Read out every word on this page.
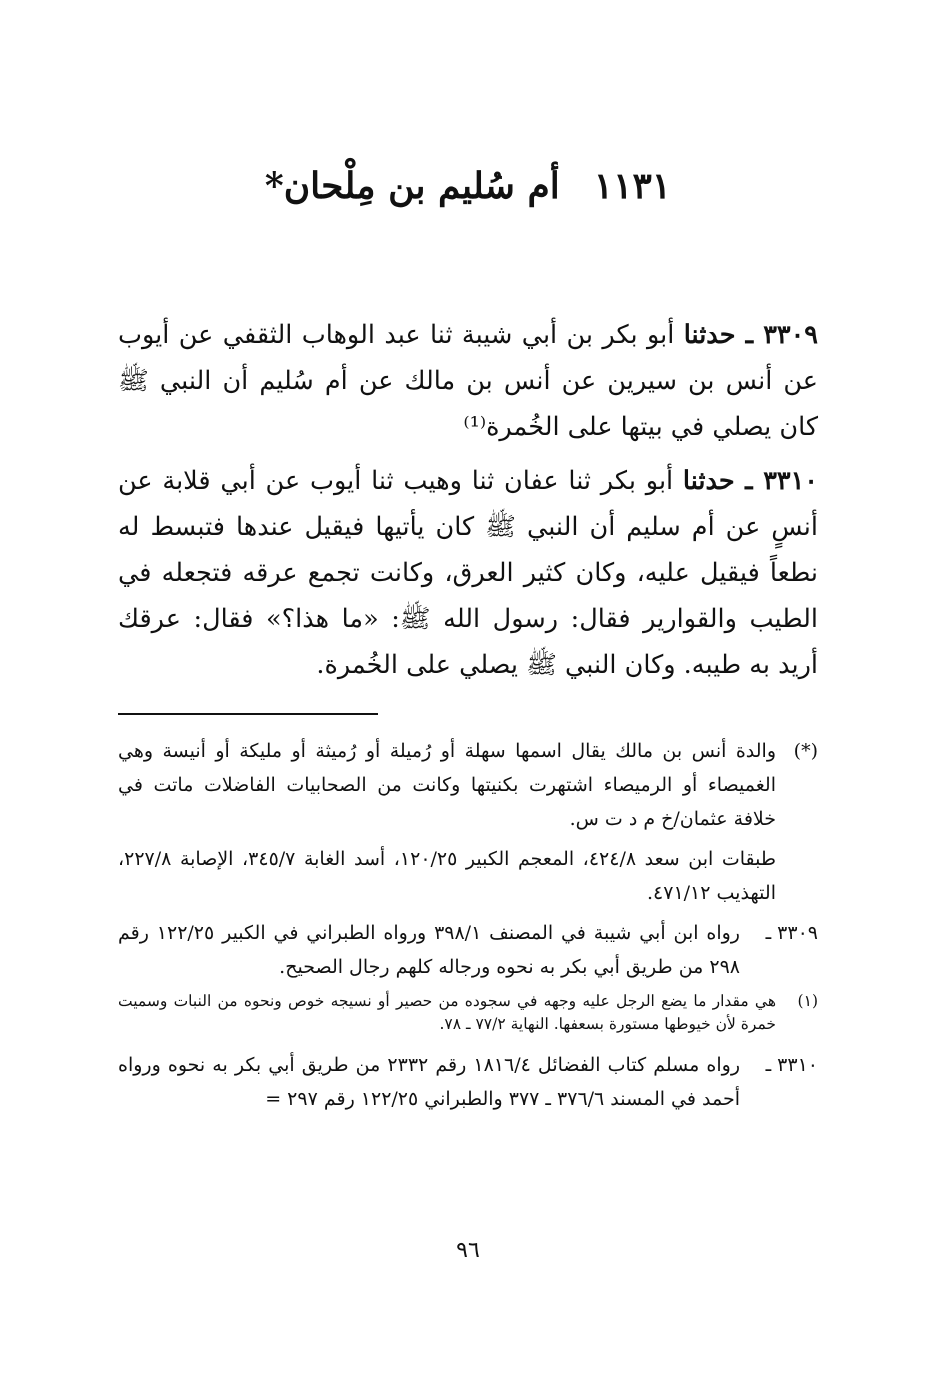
١١٣١أم سُليم بن مِلْحان*

٣٣٠٩ ـ حدثنا أبو بكر بن أبي شيبة ثنا عبد الوهاب الثقفي عن أيوب عن أنس بن سيرين عن أنس بن مالك عن أم سُليم أن النبي ﷺ كان يصلي في بيتها على الخُمرة⁽¹⁾

٣٣١٠ ـ حدثنا أبو بكر ثنا عفان ثنا وهيب ثنا أيوب عن أبي قلابة عن أنسٍ عن أم سليم أن النبي ﷺ كان يأتيها فيقيل عندها فتبسط له نطعاً فيقيل عليه، وكان كثير العرق، وكانت تجمع عرقه فتجعله في الطيب والقوارير فقال: رسول الله ﷺ: «ما هذا؟» فقال: عرقك أريد به طيبه. وكان النبي ﷺ يصلي على الخُمرة.

(*)
والدة أنس بن مالك يقال اسمها سهلة أو رُميلة أو رُميثة أو مليكة أو أنيسة وهي الغميصاء أو الرميصاء اشتهرت بكنيتها وكانت من الصحابيات الفاضلات ماتت في خلافة عثمان/خ م د ت س.
طبقات ابن سعد ٤٢٤/٨، المعجم الكبير ١٢٠/٢٥، أسد الغابة ٣٤٥/٧، الإصابة ٢٢٧/٨، التهذيب ٤٧١/١٢.
٣٣٠٩ ـ
رواه ابن أبي شيبة في المصنف ٣٩٨/١ ورواه الطبراني في الكبير ١٢٢/٢٥ رقم ٢٩٨ من طريق أبي بكر به نحوه ورجاله كلهم رجال الصحيح.
(١)
هي مقدار ما يضع الرجل عليه وجهه في سجوده من حصير أو نسيجه خوص ونحوه من النبات وسميت خمرة لأن خيوطها مستورة بسعفها. النهاية ٧٧/٢ ـ ٧٨.
٣٣١٠ ـ
رواه مسلم كتاب الفضائل ١٨١٦/٤ رقم ٢٣٣٢ من طريق أبي بكر به نحوه ورواه أحمد في المسند ٣٧٦/٦ ـ ٣٧٧ والطبراني ١٢٢/٢٥ رقم ٢٩٧ =
٩٦
